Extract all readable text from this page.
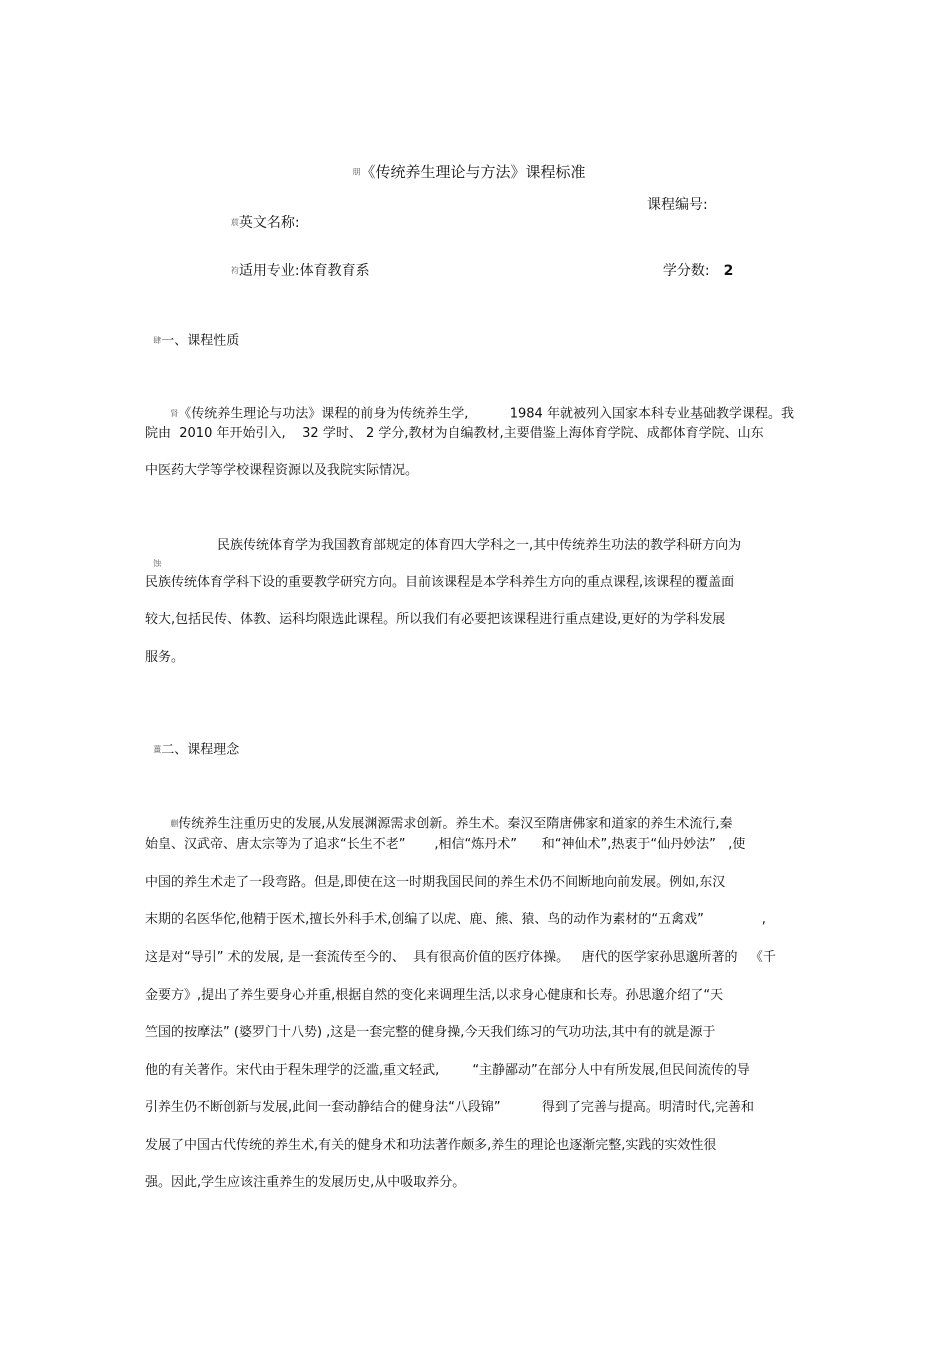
朋《传统养生理论与方法》课程标准

莀英文名称:

课程编号:

袀适用专业:体育教育系	学分数: 2

肆一、课程性质

肾《传统养生理论与功法》课程的前身为传统养生学,          1984 年就被列入国家本科专业基础教学课程。我

院由  2010 年开始引入,    32 学时、 2 学分,教材为自编教材,主要借鉴上海体育学院、成都体育学院、山东
中医药大学等学校课程资源以及我院实际情况。

蚀

民族传统体育学为我国教育部规定的体育四大学科之一,其中传统养生功法的教学科研方向为
民族传统体育学科下设的重要教学研究方向。目前该课程是本学科养生方向的重点课程,该课程的覆盖面
较大,包括民传、体教、运科均限选此课程。所以我们有必要把该课程进行重点建设,更好的为学科发展
服务。

薑二、课程理念

蒯传统养生注重历史的发展,从发展渊源需求创新。养生术。秦汉至隋唐佛家和道家的养生术流行,秦

始皇、汉武帝、唐太宗等为了追求“长生不老”       ,相信“炼丹术”      和“神仙术”,热衷于“仙丹妙法”   ,使
中国的养生术走了一段弯路。但是,即使在这一时期我国民间的养生术仍不间断地向前发展。例如,东汉
末期的名医华佗,他精于医术,擅长外科手术,创编了以虎、鹿、熊、猿、鸟的动作为素材的“五禽戏”              ,
这是对“导引” 术的发展, 是一套流传至今的、  具有很高价值的医疗体操。   唐代的医学家孙思邈所著的   《千
金要方》,提出了养生要身心并重,根据自然的变化来调理生活,以求身心健康和长寿。孙思邈介绍了“天
竺国的按摩法” (婆罗门十八势) ,这是一套完整的健身操,今天我们练习的气功功法,其中有的就是源于
他的有关著作。宋代由于程朱理学的泛滥,重文轻武,        “主静鄙动”在部分人中有所发展,但民间流传的导
引养生仍不断创新与发展,此间一套动静结合的健身法“八段锦”          得到了完善与提高。明清时代,完善和
发展了中国古代传统的养生术,有关的健身术和功法著作颇多,养生的理论也逐渐完整,实践的实效性很
强。因此,学生应该注重养生的发展历史,从中吸取养分。
